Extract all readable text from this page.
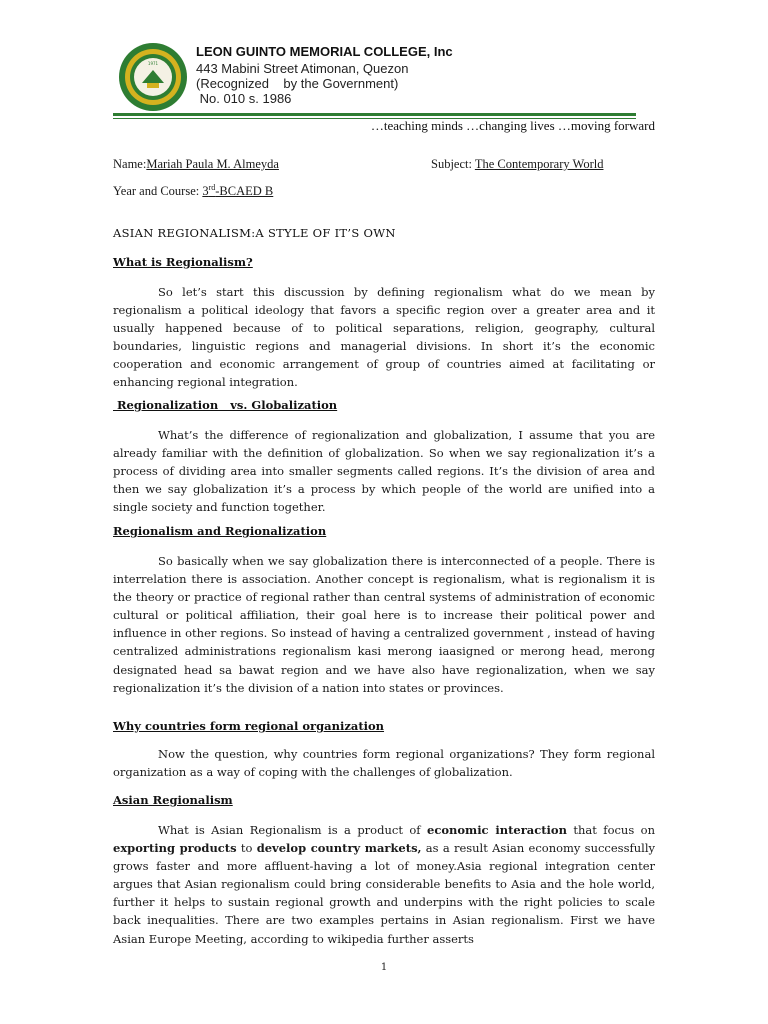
1971
LEON GUINTO MEMORIAL COLLEGE, Inc
443 Mabini Street Atimonan, Quezon
(Recognized    by the Government)
No. 010 s. 1986
…teaching minds …changing lives …moving forward
Name:Mariah Paula M. Almeyda	Subject: The Contemporary World
Year and Course: 3rd-BCAED B
ASIAN REGIONALISM:A STYLE OF IT’S OWN
What is Regionalism?

So let’s start this discussion by defining regionalism what do we mean by regionalism a political ideology that favors a specific region over a greater area and it usually happened because of to political separations, religion, geography, cultural boundaries, linguistic regions and managerial divisions. In short it’s the economic cooperation and economic arrangement of group of countries aimed at facilitating or enhancing regional integration.

Regionalization   vs. Globalization

What’s the difference of regionalization and globalization, I assume that you are already familiar with the definition of globalization. So when we say regionalization it’s a process of dividing area into smaller segments called regions. It’s the division of area and then we say globalization it’s a process by which people of the world are unified into a single society and function together.

Regionalism and Regionalization

So basically when we say globalization there is interconnected of a people. There is interrelation there is association. Another concept is regionalism, what is regionalism it is the theory or practice of regional rather than central systems of administration of economic cultural or political affiliation, their goal here is to increase their political power and influence in other regions. So instead of having a centralized government , instead of having centralized administrations regionalism kasi merong iaasigned or merong head, merong designated head sa bawat region and we have also have regionalization, when we say regionalization it’s the division of a nation into states or provinces.

Why countries form regional organization

Now the question, why countries form regional organizations? They form regional organization as a way of coping with the challenges of globalization.

Asian Regionalism

What is Asian Regionalism is a product of economic interaction that focus on exporting products to develop country markets, as a result Asian economy successfully grows faster and more affluent-having a lot of money.Asia regional integration center argues that Asian regionalism could bring considerable benefits to Asia and the hole world, further it helps to sustain regional growth and underpins with the right policies to scale back inequalities. There are two examples pertains in Asian regionalism. First we have Asian Europe Meeting, according to wikipedia further asserts

1
